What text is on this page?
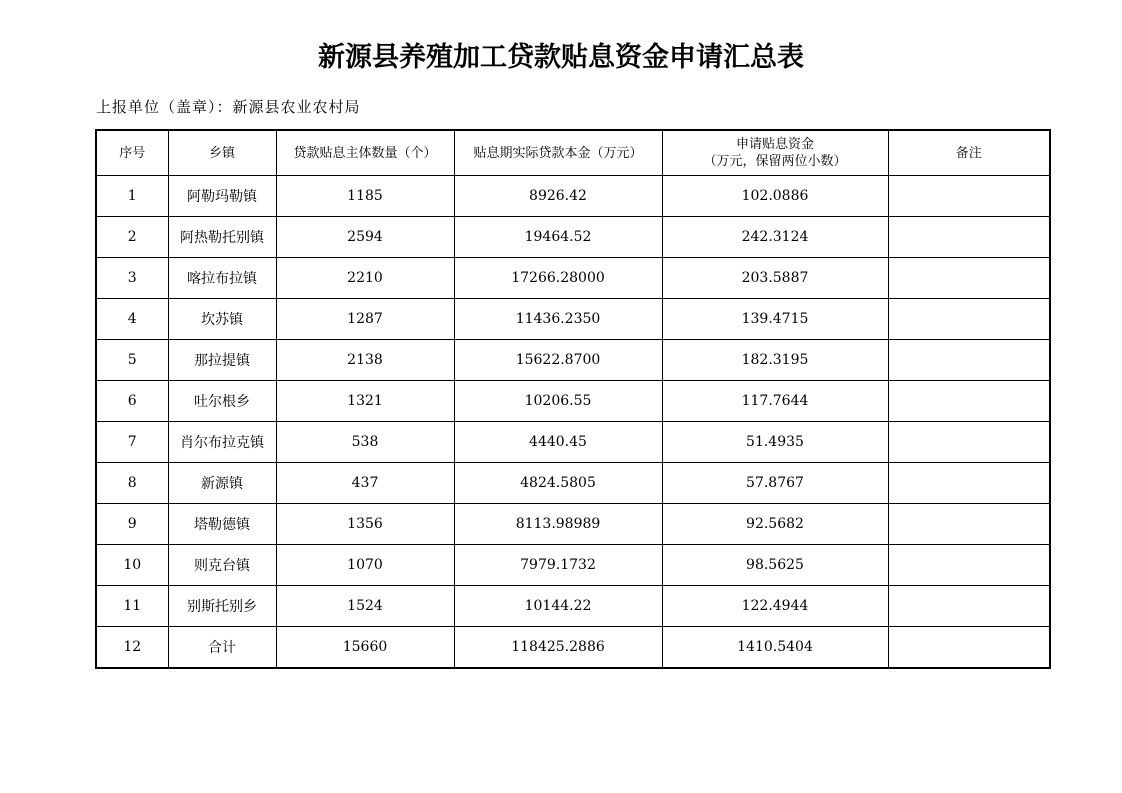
新源县养殖加工贷款贴息资金申请汇总表
上报单位（盖章）：新源县农业农村局
序号	乡镇	贷款贴息主体数量（个）	贴息期实际贷款本金（万元）	申请贴息资金
（万元，保留两位小数）	备注
1	阿勒玛勒镇	1185	8926.42	102.0886	
2	阿热勒托别镇	2594	19464.52	242.3124	
3	喀拉布拉镇	2210	17266.28000	203.5887	
4	坎苏镇	1287	11436.2350	139.4715	
5	那拉提镇	2138	15622.8700	182.3195	
6	吐尔根乡	1321	10206.55	117.7644	
7	肖尔布拉克镇	538	4440.45	51.4935	
8	新源镇	437	4824.5805	57.8767	
9	塔勒德镇	1356	8113.98989	92.5682	
10	则克台镇	1070	7979.1732	98.5625	
11	别斯托别乡	1524	10144.22	122.4944	
12	合计	15660	118425.2886	1410.5404	
